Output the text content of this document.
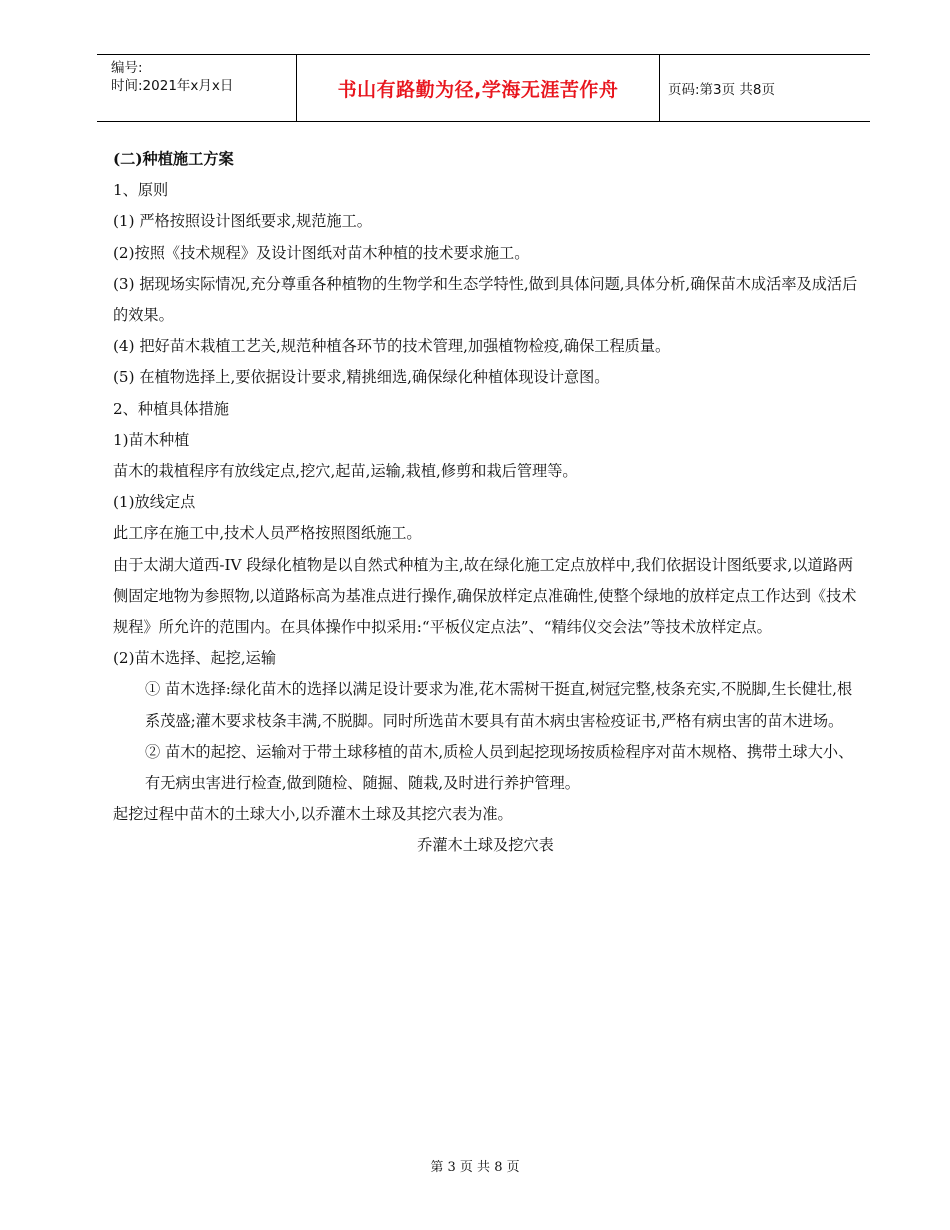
编号:
时间:2021年x月x日	书山有路勤为径,学海无涯苦作舟	页码:第3页 共8页

(二)种植施工方案

1、原则

(1) 严格按照设计图纸要求,规范施工。

(2)按照《技术规程》及设计图纸对苗木种植的技术要求施工。

(3) 据现场实际情况,充分尊重各种植物的生物学和生态学特性,做到具体问题,具体分析,确保苗木成活率及成活后的效果。

(4) 把好苗木栽植工艺关,规范种植各环节的技术管理,加强植物检疫,确保工程质量。

(5) 在植物选择上,要依据设计要求,精挑细选,确保绿化种植体现设计意图。

2、种植具体措施

1)苗木种植

苗木的栽植程序有放线定点,挖穴,起苗,运输,栽植,修剪和栽后管理等。

(1)放线定点

此工序在施工中,技术人员严格按照图纸施工。

由于太湖大道西-IV 段绿化植物是以自然式种植为主,故在绿化施工定点放样中,我们依据设计图纸要求,以道路两侧固定地物为参照物,以道路标高为基准点进行操作,确保放样定点准确性,使整个绿地的放样定点工作达到《技术规程》所允许的范围内。在具体操作中拟采用:“平板仪定点法”、“精纬仪交会法”等技术放样定点。

(2)苗木选择、起挖,运输

① 苗木选择:绿化苗木的选择以满足设计要求为准,花木需树干挺直,树冠完整,枝条充实,不脱脚,生长健壮,根系茂盛;灌木要求枝条丰满,不脱脚。同时所选苗木要具有苗木病虫害检疫证书,严格有病虫害的苗木进场。

② 苗木的起挖、运输对于带土球移植的苗木,质检人员到起挖现场按质检程序对苗木规格、携带土球大小、有无病虫害进行检查,做到随检、随掘、随栽,及时进行养护管理。

起挖过程中苗木的土球大小,以乔灌木土球及其挖穴表为准。

乔灌木土球及挖穴表

第 3 页 共 8 页
